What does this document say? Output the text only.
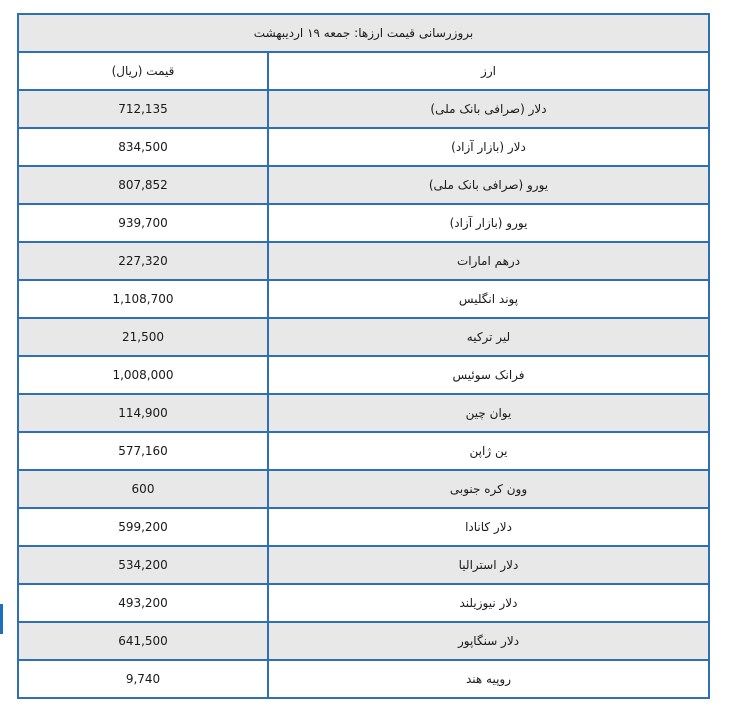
بروزرسانی قیمت ارزها: جمعه ۱۹ اردیبهشت	
ارز	قیمت (ریال)
دلار (صرافی بانک ملی)	712,135
دلار (بازار آزاد)	834,500
یورو (صرافی بانک ملی)	807,852
یورو (بازار آزاد)	939,700
درهم امارات	227,320
پوند انگلیس	1,108,700
لیر ترکیه	21,500
فرانک سوئیس	1,008,000
یوان چین	114,900
ین ژاپن	577,160
وون کره جنوبی	600
دلار کانادا	599,200
دلار استرالیا	534,200
دلار نیوزیلند	493,200
دلار سنگاپور	641,500
روپیه هند	9,740
